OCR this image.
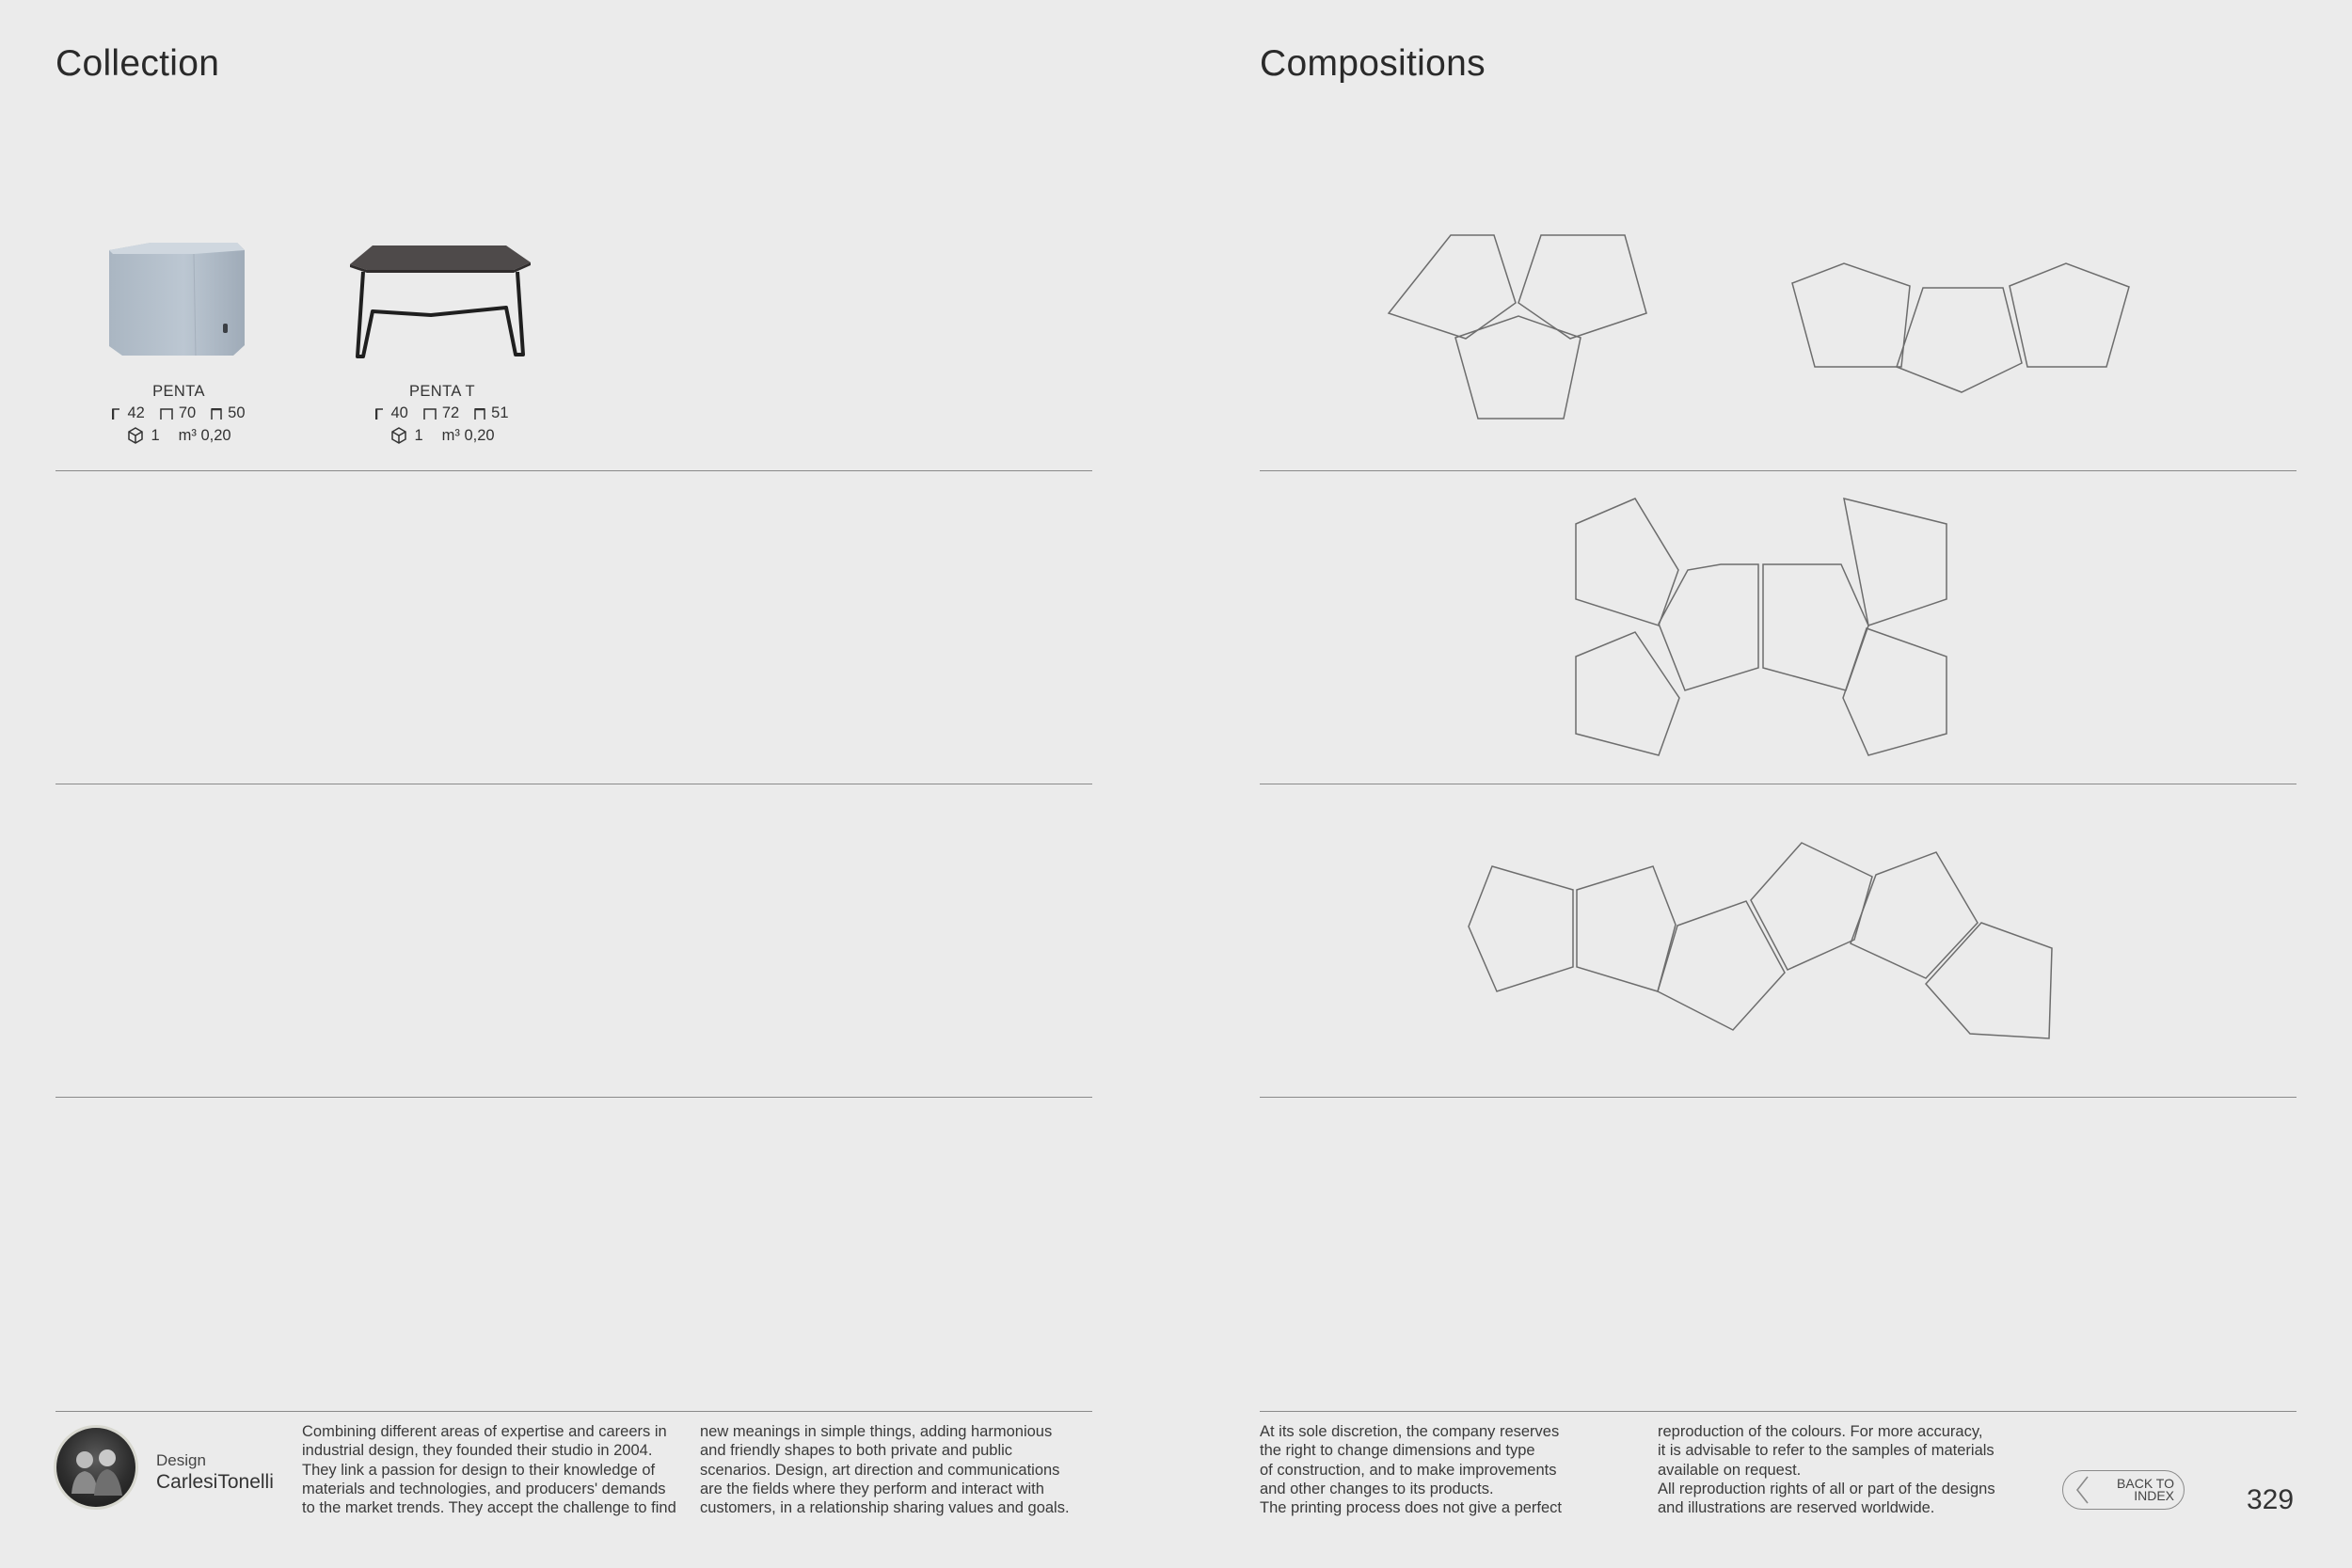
Collection
PENTA
42 70 50
1 m³ 0,20
PENTA T
40 72 51
1 m³ 0,20
Design
CarlesiTonelli
Combining different areas of expertise and careers in
industrial design, they founded their studio in 2004.
They link a passion for design to their knowledge of
materials and technologies, and producers' demands
to the market trends. They accept the challenge to find
new meanings in simple things, adding harmonious
and friendly shapes to both private and public
scenarios. Design, art direction and communications
are the fields where they perform and interact with
customers, in a relationship sharing values and goals.
Compositions
At its sole discretion, the company reserves
the right to change dimensions and type
of construction, and to make improvements
and other changes to its products.
The printing process does not give a perfect
reproduction of the colours. For more accuracy,
it is advisable to refer to the samples of materials
available on request.
All reproduction rights of all or part of the designs
and illustrations are reserved worldwide.
BACK TO
INDEX	329
